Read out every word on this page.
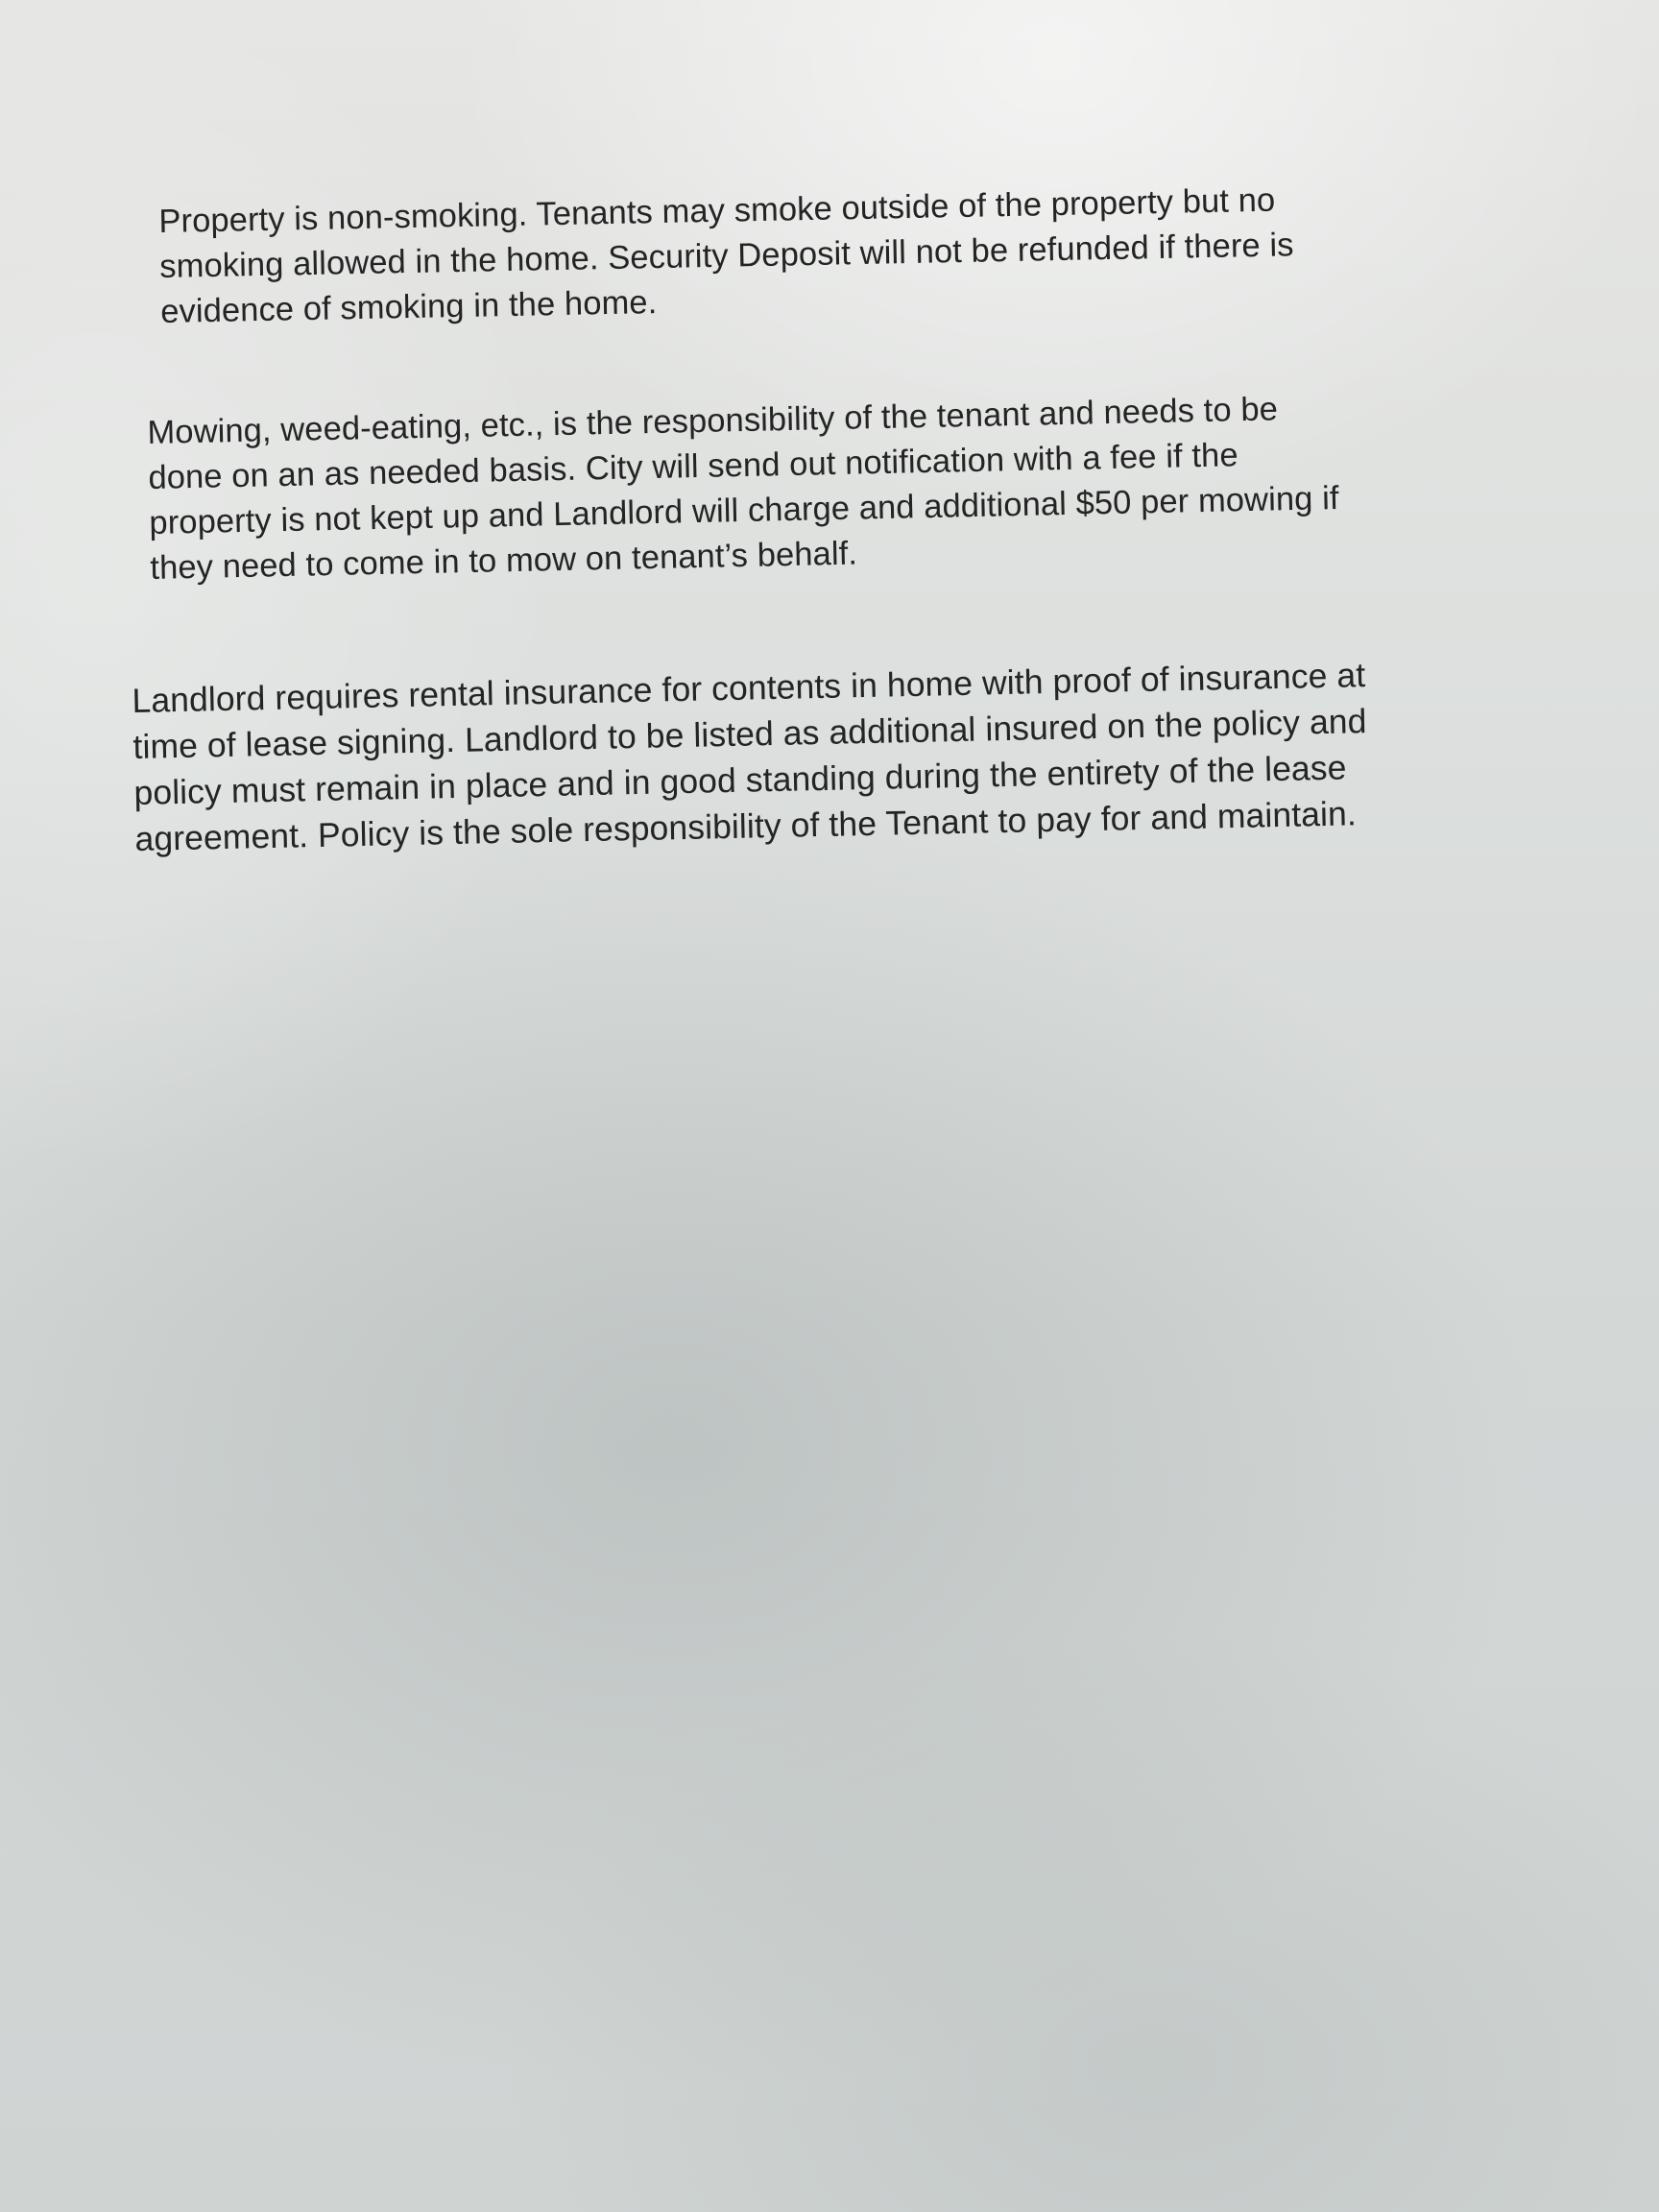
Property is non-smoking. Tenants may smoke outside of the property but no
smoking allowed in the home. Security Deposit will not be refunded if there is
evidence of smoking in the home.

Mowing, weed-eating, etc., is the responsibility of the tenant and needs to be
done on an as needed basis. City will send out notification with a fee if the
property is not kept up and Landlord will charge and additional $50 per mowing if
they need to come in to mow on tenant’s behalf.

Landlord requires rental insurance for contents in home with proof of insurance at
time of lease signing. Landlord to be listed as additional insured on the policy and
policy must remain in place and in good standing during the entirety of the lease
agreement. Policy is the sole responsibility of the Tenant to pay for and maintain.
